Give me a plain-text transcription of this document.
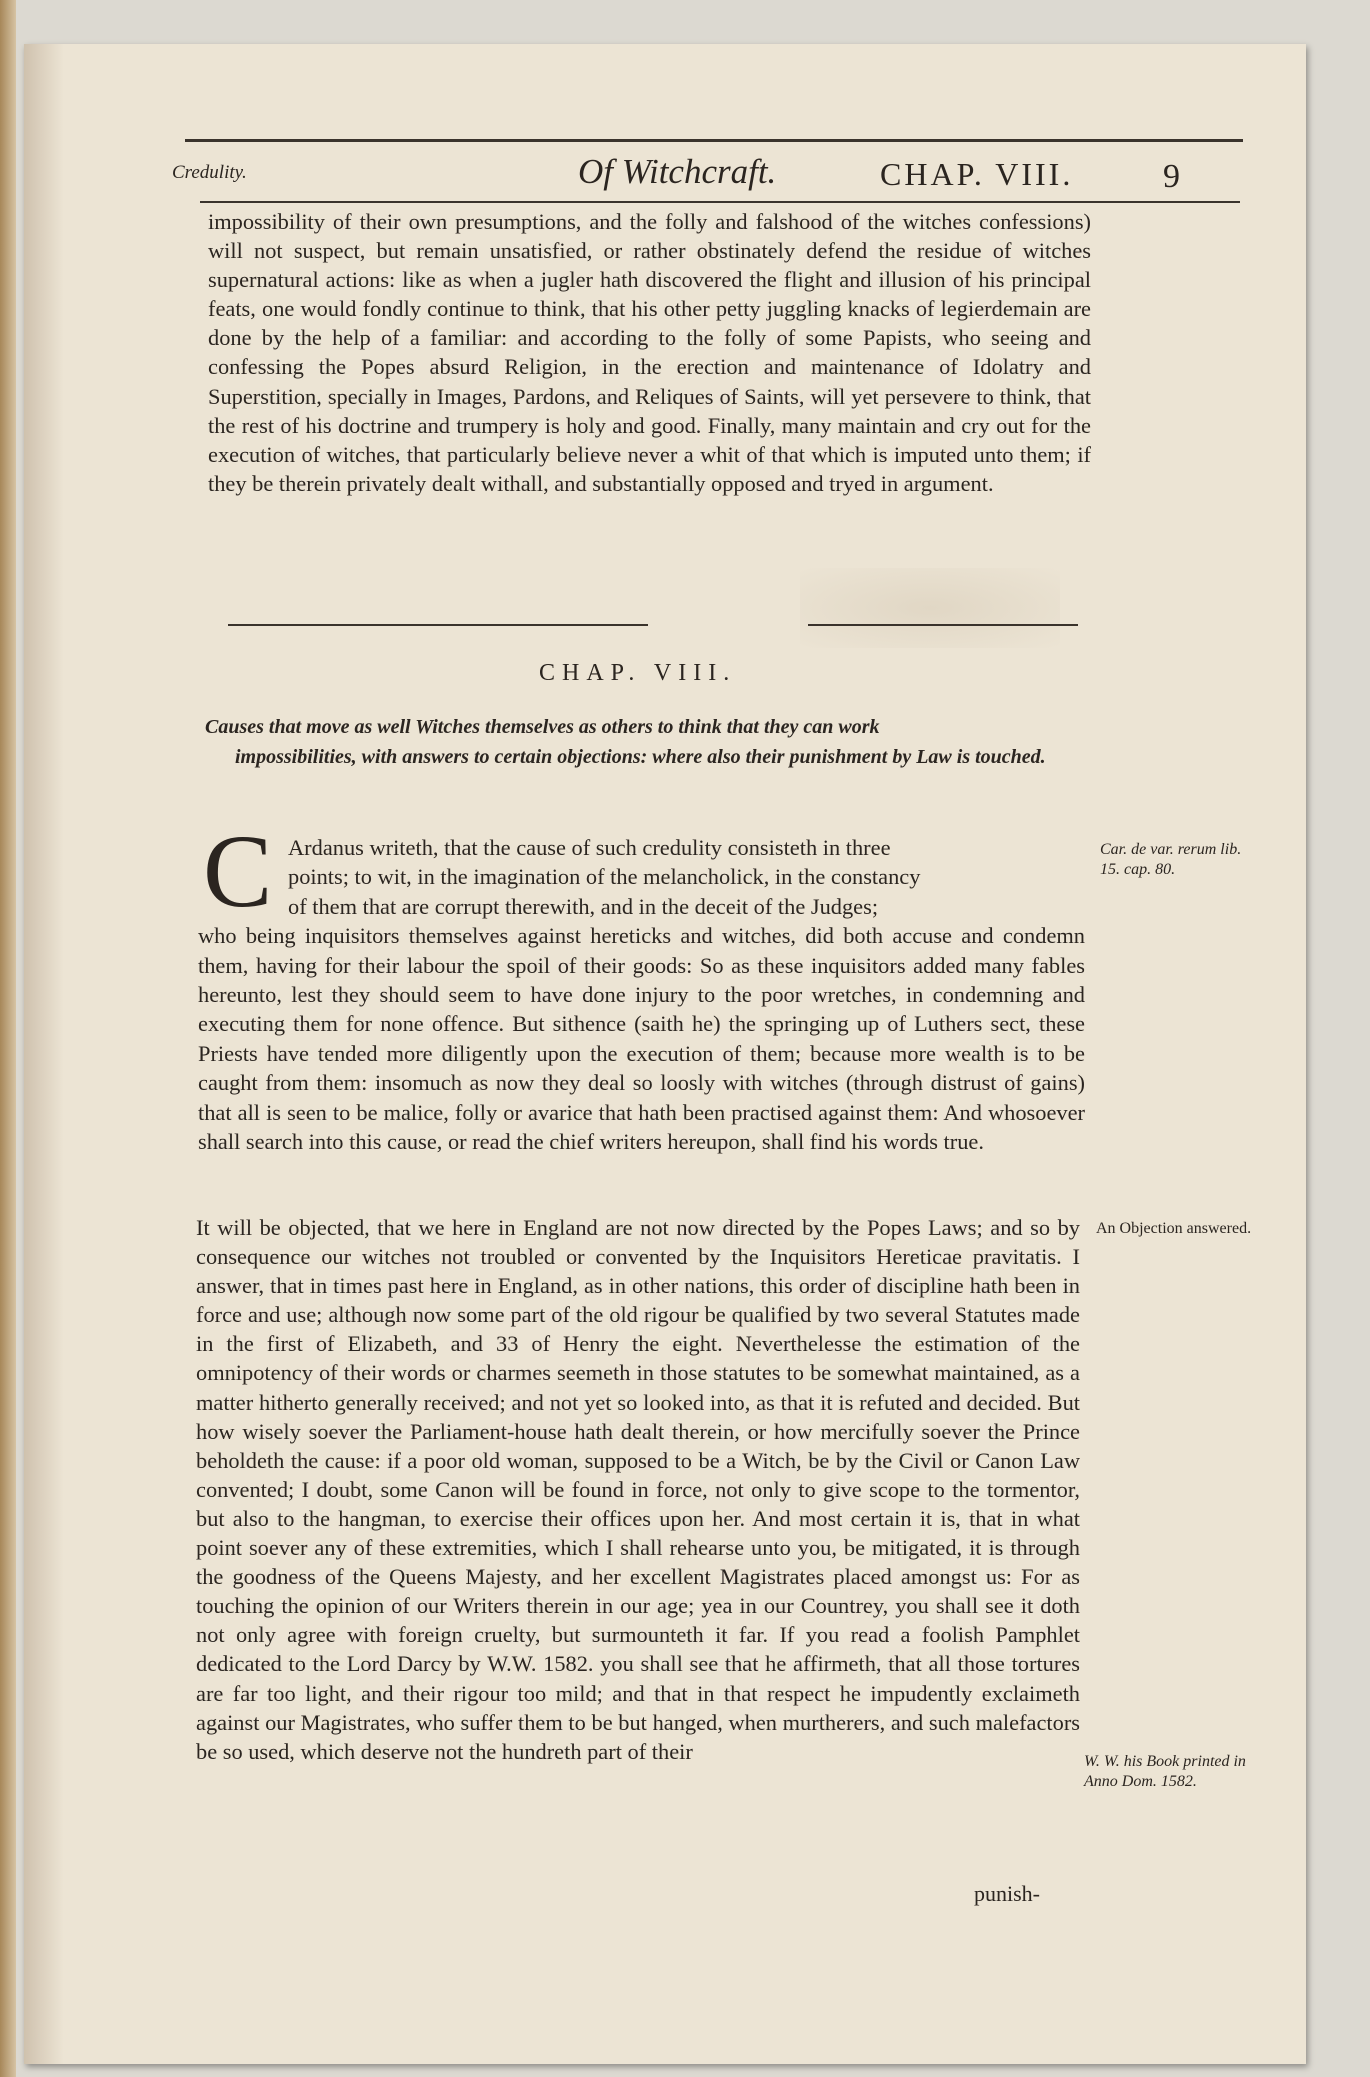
Credulity.	Of Witchcraft.	CHAP. VIII.	9
impossibility of their own presumptions, and the folly and falshood of the witches confessions) will not suspect, but remain unsatisfied, or rather obstinately defend the residue of witches supernatural actions: like as when a jugler hath discovered the flight and illusion of his principal feats, one would fondly continue to think, that his other petty juggling knacks of legierdemain are done by the help of a familiar: and according to the folly of some Papists, who seeing and confessing the Popes absurd Religion, in the erection and maintenance of Idolatry and Superstition, specially in Images, Pardons, and Reliques of Saints, will yet persevere to think, that the rest of his doctrine and trumpery is holy and good. Finally, many maintain and cry out for the execution of witches, that particularly believe never a whit of that which is imputed unto them; if they be therein privately dealt withall, and substantially opposed and tryed in argument.
CHAP. VIII.
Causes that move as well Witches themselves as others to think that they can work
impossibilities, with answers to certain objections: where also their punishment by Law is touched.
C Ardanus writeth, that the cause of such credulity consisteth in three
points; to wit, in the imagination of the melancholick, in the constancy
of them that are corrupt therewith, and in the deceit of the Judges;
who being inquisitors themselves against hereticks and witches, did both accuse and condemn them, having for their labour the spoil of their goods: So as these inquisitors added many fables hereunto, lest they should seem to have done injury to the poor wretches, in condemning and executing them for none offence. But sithence (saith he) the springing up of Luthers sect, these Priests have tended more diligently upon the execution of them; because more wealth is to be caught from them: insomuch as now they deal so loosly with witches (through distrust of gains) that all is seen to be malice, folly or avarice that hath been practised against them: And whosoever shall search into this cause, or read the chief writers hereupon, shall find his words true.
It will be objected, that we here in England are not now directed by the Popes Laws; and so by consequence our witches not troubled or convented by the Inquisitors Hereticae pravitatis. I answer, that in times past here in England, as in other nations, this order of discipline hath been in force and use; although now some part of the old rigour be qualified by two several Statutes made in the first of Elizabeth, and 33 of Henry the eight. Neverthelesse the estimation of the omnipotency of their words or charmes seemeth in those statutes to be somewhat maintained, as a matter hitherto generally received; and not yet so looked into, as that it is refuted and decided. But how wisely soever the Parliament-house hath dealt therein, or how mercifully soever the Prince beholdeth the cause: if a poor old woman, supposed to be a Witch, be by the Civil or Canon Law convented; I doubt, some Canon will be found in force, not only to give scope to the tormentor, but also to the hangman, to exercise their offices upon her. And most certain it is, that in what point soever any of these extremities, which I shall rehearse unto you, be mitigated, it is through the goodness of the Queens Majesty, and her excellent Magistrates placed amongst us: For as touching the opinion of our Writers therein in our age; yea in our Countrey, you shall see it doth not only agree with foreign cruelty, but surmounteth it far. If you read a foolish Pamphlet dedicated to the Lord Darcy by W.W. 1582. you shall see that he affirmeth, that all those tortures are far too light, and their rigour too mild; and that in that respect he impudently exclaimeth against our Magistrates, who suffer them to be but hanged, when murtherers, and such malefactors be so used, which deserve not the hundreth part of their
punish-
Car. de var. rerum lib. 15. cap. 80.
An Objection answered.
W. W. his Book printed in Anno Dom. 1582.
